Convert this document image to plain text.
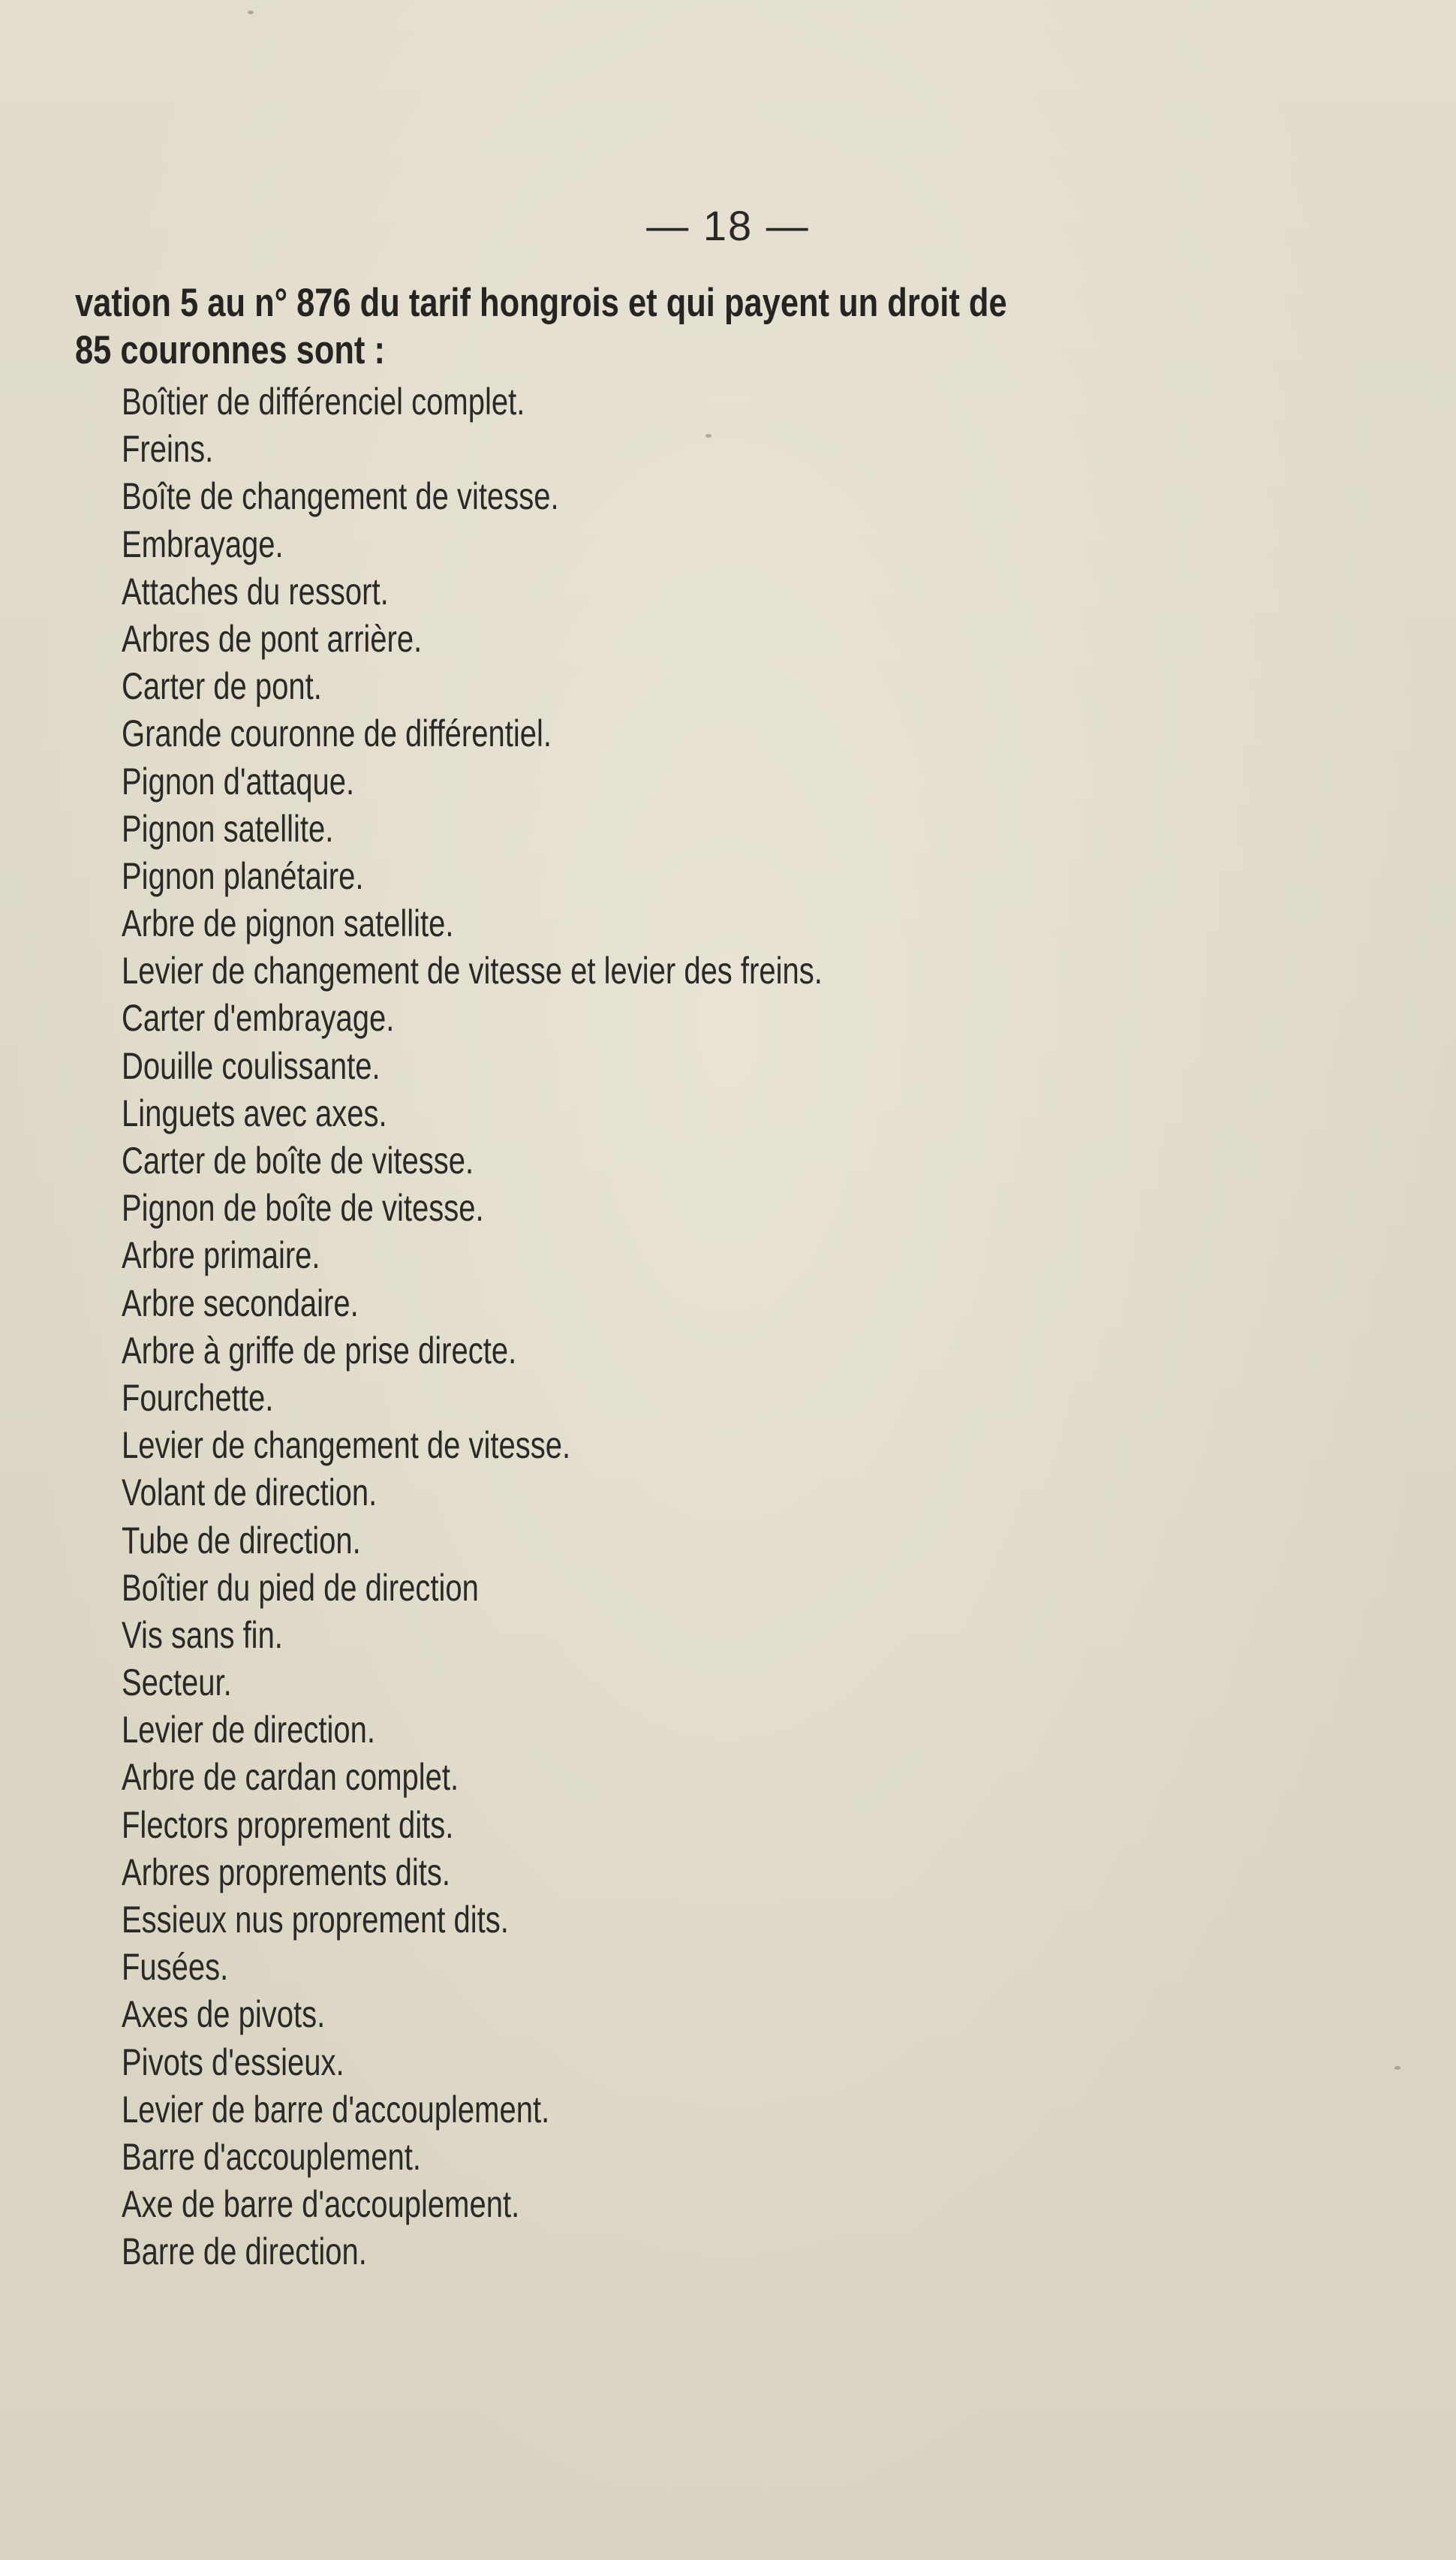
— 18 —
vation 5 au n° 876 du tarif hongrois et qui payent un droit de
85 couronnes sont :
Boîtier de différenciel complet.
Freins.
Boîte de changement de vitesse.
Embrayage.
Attaches du ressort.
Arbres de pont arrière.
Carter de pont.
Grande couronne de différentiel.
Pignon d'attaque.
Pignon satellite.
Pignon planétaire.
Arbre de pignon satellite.
Levier de changement de vitesse et levier des freins.
Carter d'embrayage.
Douille coulissante.
Linguets avec axes.
Carter de boîte de vitesse.
Pignon de boîte de vitesse.
Arbre primaire.
Arbre secondaire.
Arbre à griffe de prise directe.
Fourchette.
Levier de changement de vitesse.
Volant de direction.
Tube de direction.
Boîtier du pied de direction
Vis sans fin.
Secteur.
Levier de direction.
Arbre de cardan complet.
Flectors proprement dits.
Arbres proprements dits.
Essieux nus proprement dits.
Fusées.
Axes de pivots.
Pivots d'essieux.
Levier de barre d'accouplement.
Barre d'accouplement.
Axe de barre d'accouplement.
Barre de direction.
